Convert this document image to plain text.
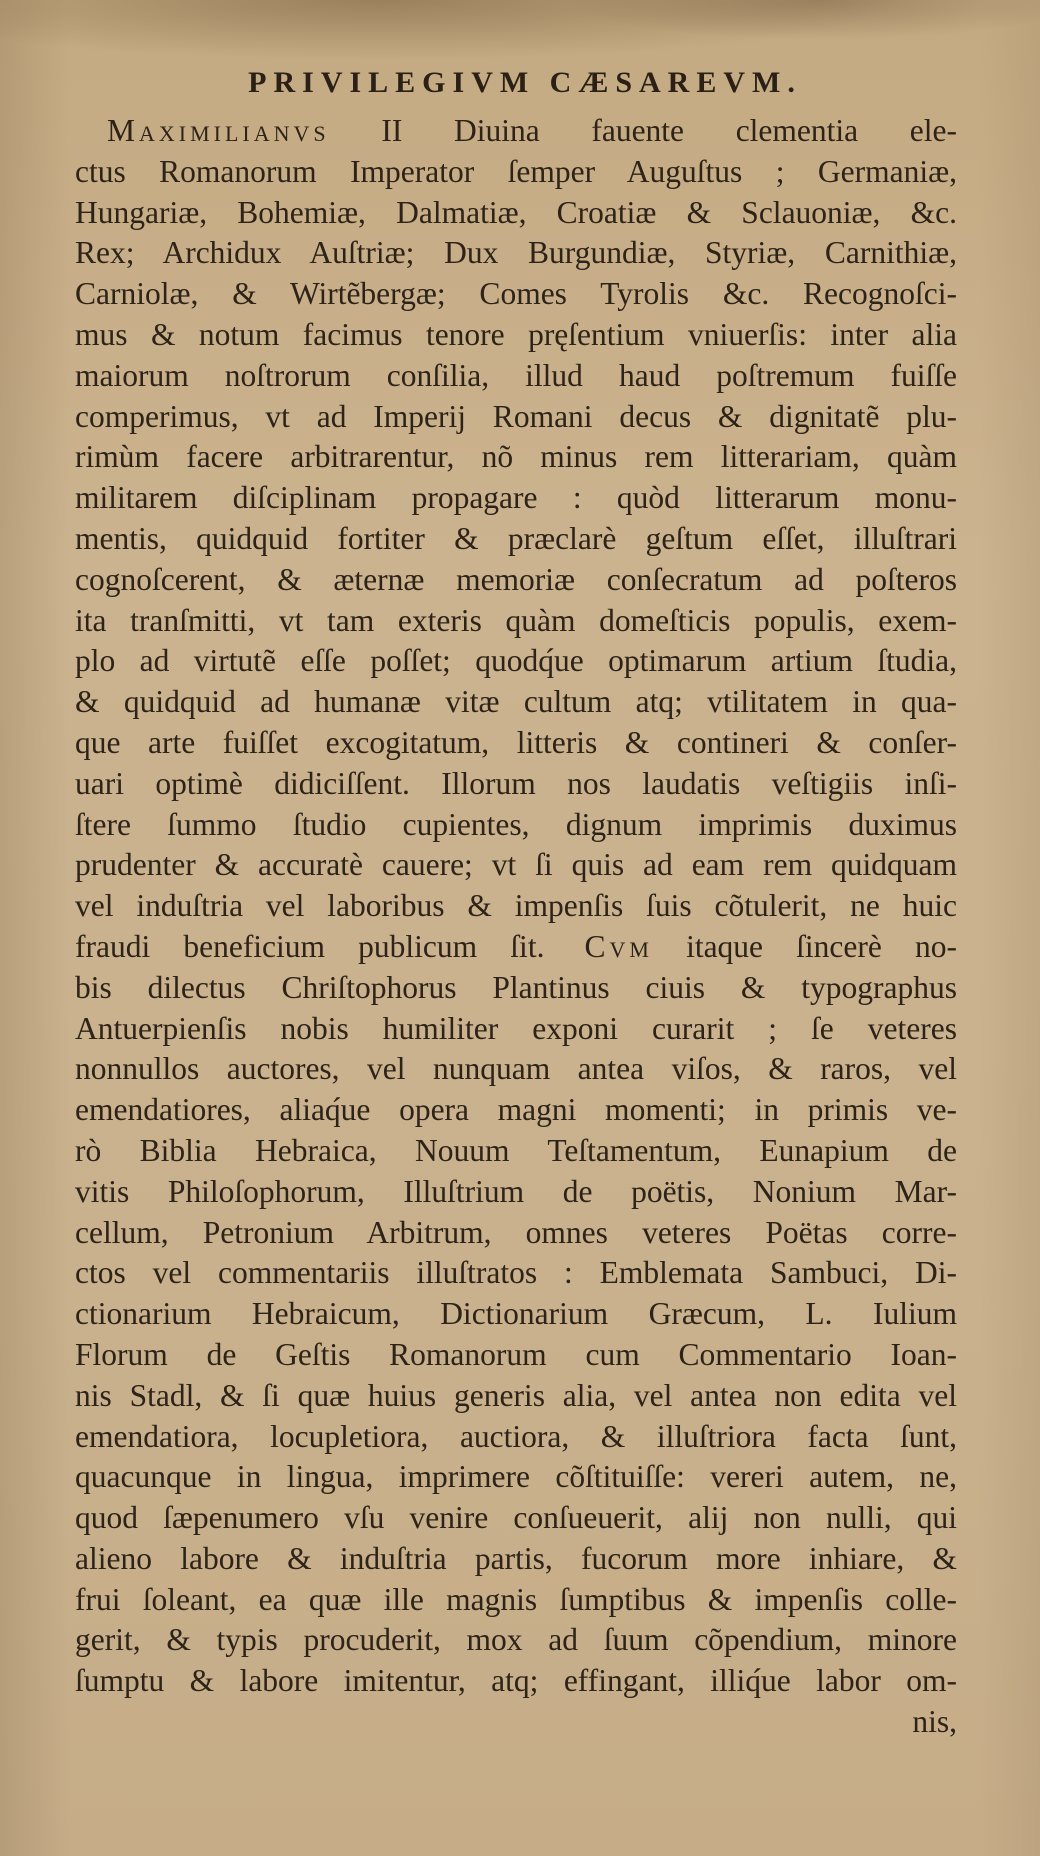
PRIVILEGIVM CÆSAREVM.
Maximilianvs II Diuina fauente clementia ele-
ctus Romanorum Imperator ſemper Auguſtus ; Germaniæ,
Hungariæ, Bohemiæ, Dalmatiæ, Croatiæ & Sclauoniæ, &c.
Rex; Archidux Auſtriæ; Dux Burgundiæ, Styriæ, Carnithiæ,
Carniolæ, & Wirtẽbergæ; Comes Tyrolis &c. Recognoſci-
mus & notum facimus tenore pręſentium vniuerſis: inter alia
maiorum noſtrorum conſilia, illud haud poſtremum fuiſſe
comperimus, vt ad Imperij Romani decus & dignitatẽ plu-
rimùm facere arbitrarentur, nõ minus rem litterariam, quàm
militarem diſciplinam propagare : quòd litterarum monu-
mentis, quidquid fortiter & præclarè geſtum eſſet, illuſtrari
cognoſcerent, & æternæ memoriæ conſecratum ad poſteros
ita tranſmitti, vt tam exteris quàm domeſticis populis, exem-
plo ad virtutẽ eſſe poſſet; quodq́ue optimarum artium ſtudia,
& quidquid ad humanæ vitæ cultum atq; vtilitatem in qua-
que arte fuiſſet excogitatum, litteris & contineri & conſer-
uari optimè didiciſſent. Illorum nos laudatis veſtigiis inſi-
ſtere ſummo ſtudio cupientes, dignum imprimis duximus
prudenter & accuratè cauere; vt ſi quis ad eam rem quidquam
vel induſtria vel laboribus & impenſis ſuis cõtulerit, ne huic
fraudi beneficium publicum ſit. Cvm itaque ſincerè no-
bis dilectus Chriſtophorus Plantinus ciuis & typographus
Antuerpienſis nobis humiliter exponi curarit ; ſe veteres
nonnullos auctores, vel nunquam antea viſos, & raros, vel
emendatiores, aliaq́ue opera magni momenti; in primis ve-
rò Biblia Hebraica, Nouum Teſtamentum, Eunapium de
vitis Philoſophorum, Illuſtrium de poëtis, Nonium Mar-
cellum, Petronium Arbitrum, omnes veteres Poëtas corre-
ctos vel commentariis illuſtratos : Emblemata Sambuci, Di-
ctionarium Hebraicum, Dictionarium Græcum, L. Iulium
Florum de Geſtis Romanorum cum Commentario Ioan-
nis Stadl, & ſi quæ huius generis alia, vel antea non edita vel
emendatiora, locupletiora, auctiora, & illuſtriora facta ſunt,
quacunque in lingua, imprimere cõſtituiſſe: vereri autem, ne,
quod ſæpenumero vſu venire conſueuerit, alij non nulli, qui
alieno labore & induſtria partis, fucorum more inhiare, &
frui ſoleant, ea quæ ille magnis ſumptibus & impenſis colle-
gerit, & typis procuderit, mox ad ſuum cõpendium, minore
ſumptu & labore imitentur, atq; effingant, illiq́ue labor om-
nis,
